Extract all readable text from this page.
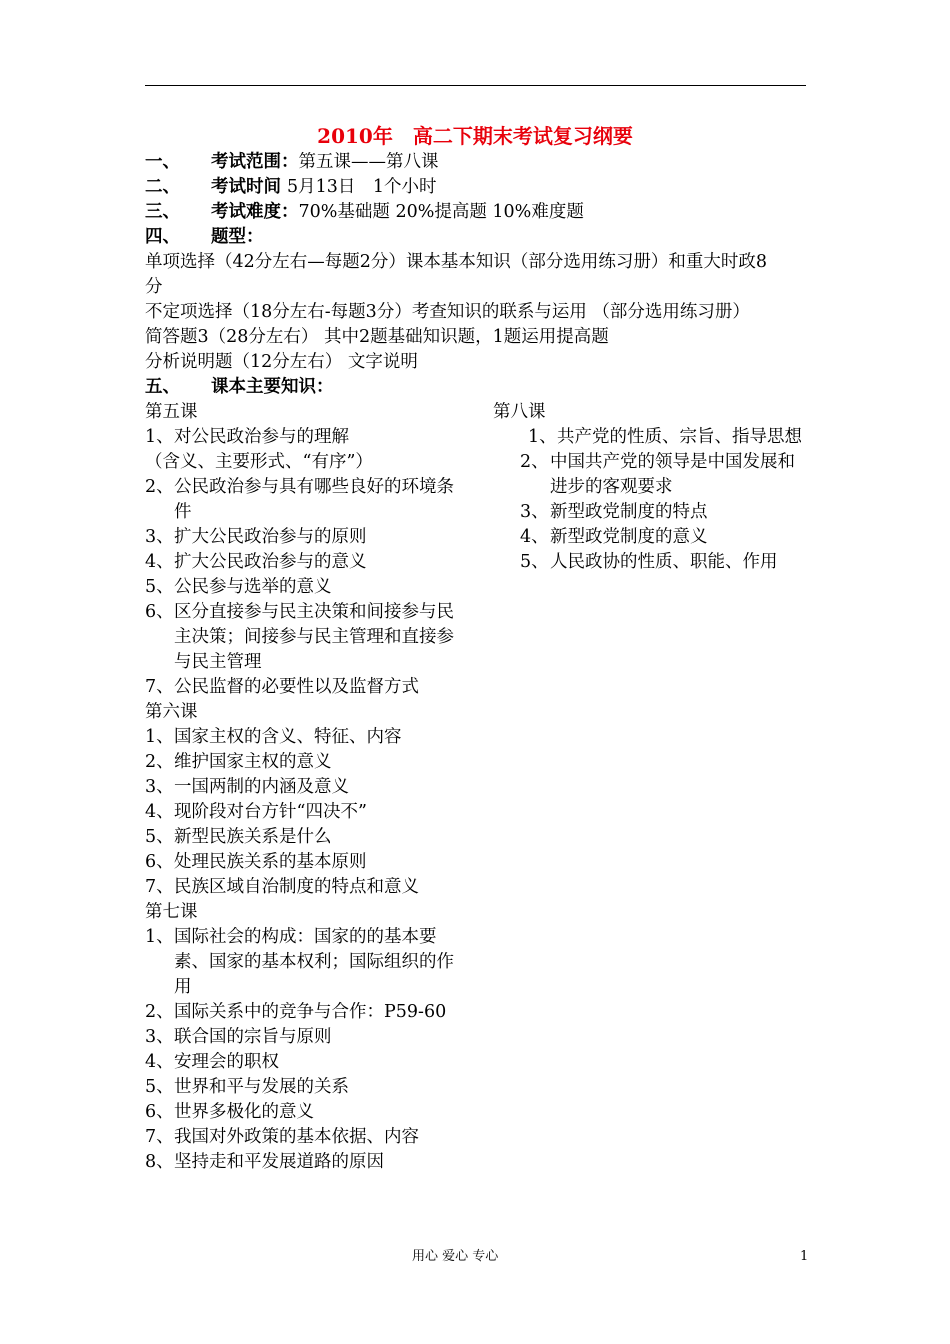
2010年　高二下期末考试复习纲要
一、 考试范围：第五课——第八课
二、 考试时间 5月13日　1个小时
三、 考试难度：70%基础题 20%提高题 10%难度题
四、 题型：
单项选择（42分左右—每题2分）课本基本知识（部分选用练习册）和重大时政8
分
不定项选择（18分左右-每题3分）考查知识的联系与运用 （部分选用练习册）
简答题3（28分左右） 其中2题基础知识题，1题运用提高题
分析说明题（12分左右） 文字说明
五、 课本主要知识：
第五课
1、 对公民政治参与的理解
（含义、主要形式、“有序”）
2、 公民政治参与具有哪些良好的环境条件
3、 扩大公民政治参与的原则
4、 扩大公民政治参与的意义
5、 公民参与选举的意义
6、 区分直接参与民主决策和间接参与民主决策；间接参与民主管理和直接参与民主管理
7、 公民监督的必要性以及监督方式
第六课
1、 国家主权的含义、特征、内容
2、 维护国家主权的意义
3、 一国两制的内涵及意义
4、 现阶段对台方针“四决不”
5、 新型民族关系是什么
6、 处理民族关系的基本原则
7、 民族区域自治制度的特点和意义
第七课
1、 国际社会的构成：国家的的基本要素、国家的基本权利；国际组织的作用
2、 国际关系中的竞争与合作：P59-60
3、 联合国的宗旨与原则
4、 安理会的职权
5、 世界和平与发展的关系
6、 世界多极化的意义
7、 我国对外政策的基本依据、内容
8、 坚持走和平发展道路的原因
第八课
1、 共产党的性质、宗旨、指导思想
2、 中国共产党的领导是中国发展和进步的客观要求
3、 新型政党制度的特点
4、 新型政党制度的意义
5、 人民政协的性质、职能、作用
用心 爱心 专心	1
